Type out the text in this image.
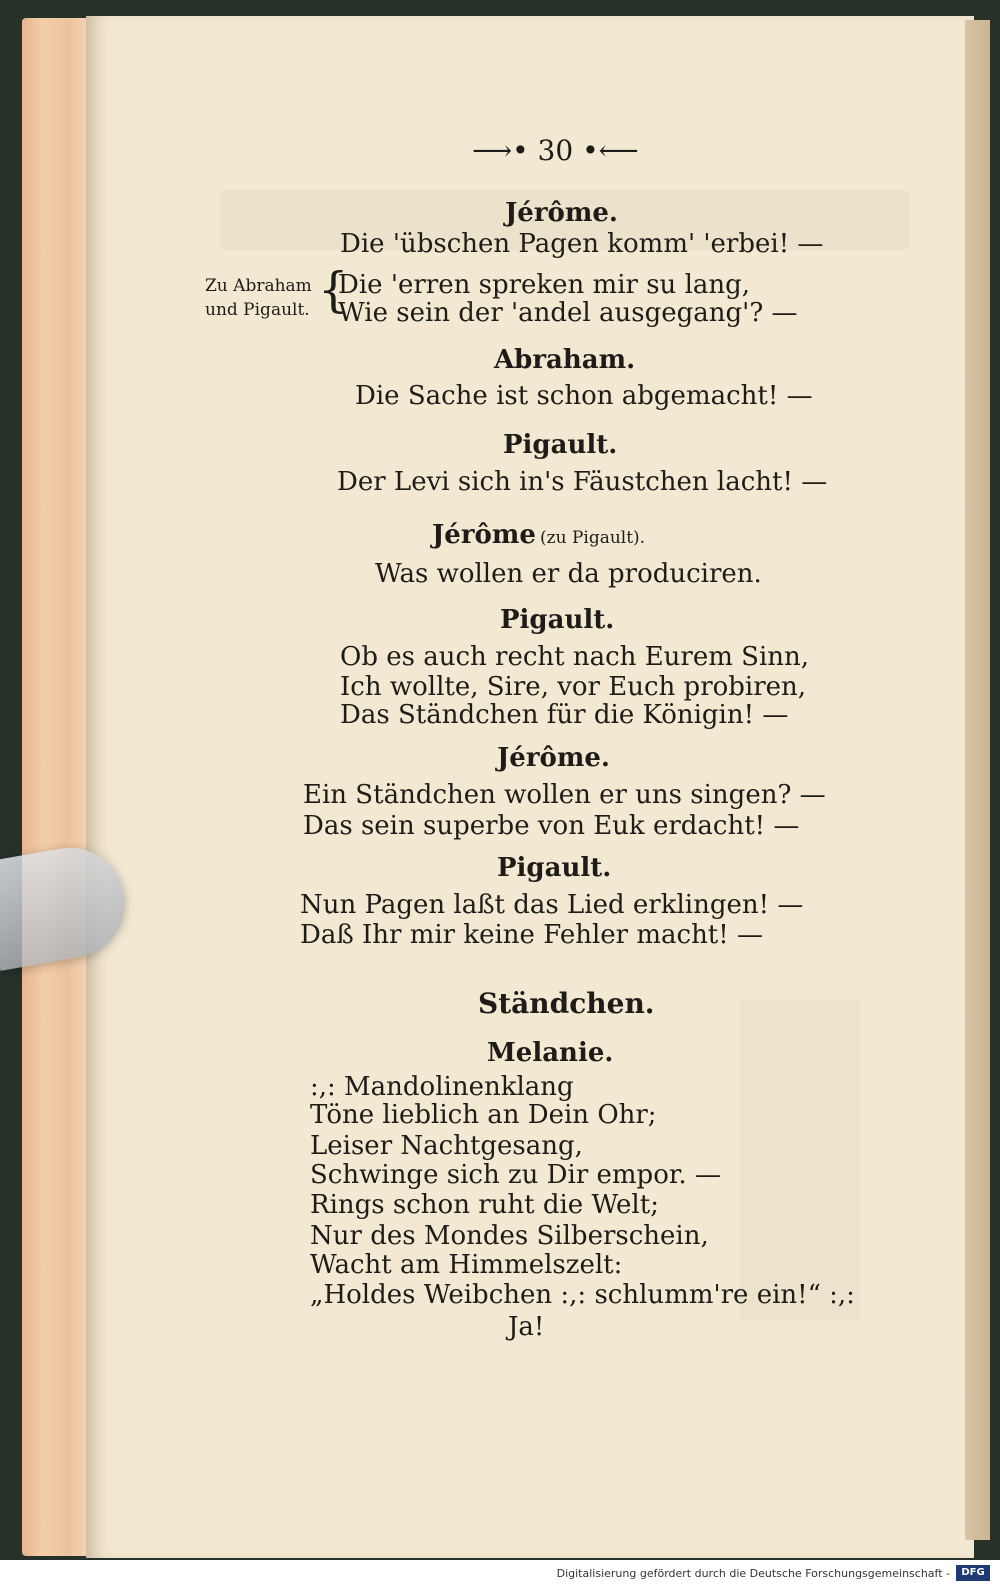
⟶• 30 •⟵
Jérôme.
Die 'übschen Pagen komm' 'erbei! —
Zu Abraham
und Pigault. {
Die 'erren spreken mir su lang,
Wie sein der 'andel ausgegang'? —
Abraham.
Die Sache ist schon abgemacht! —
Pigault.
Der Levi sich in's Fäustchen lacht! —
Jérôme (zu Pigault).
Was wollen er da produciren.
Pigault.
Ob es auch recht nach Eurem Sinn,
Ich wollte, Sire, vor Euch probiren,
Das Ständchen für die Königin! —
Jérôme.
Ein Ständchen wollen er uns singen? —
Das sein superbe von Euk erdacht! —
Pigault.
Nun Pagen laßt das Lied erklingen! —
Daß Ihr mir keine Fehler macht! —
Ständchen.
Melanie.
:,: Mandolinenklang
Töne lieblich an Dein Ohr;
Leiser Nachtgesang,
Schwinge sich zu Dir empor. —
Rings schon ruht die Welt;
Nur des Mondes Silberschein,
Wacht am Himmelszelt:
„Holdes Weibchen :,: schlumm're ein!“ :,:
Ja!
Digitalisierung gefördert durch die Deutsche Forschungsgemeinschaft -	DFG
